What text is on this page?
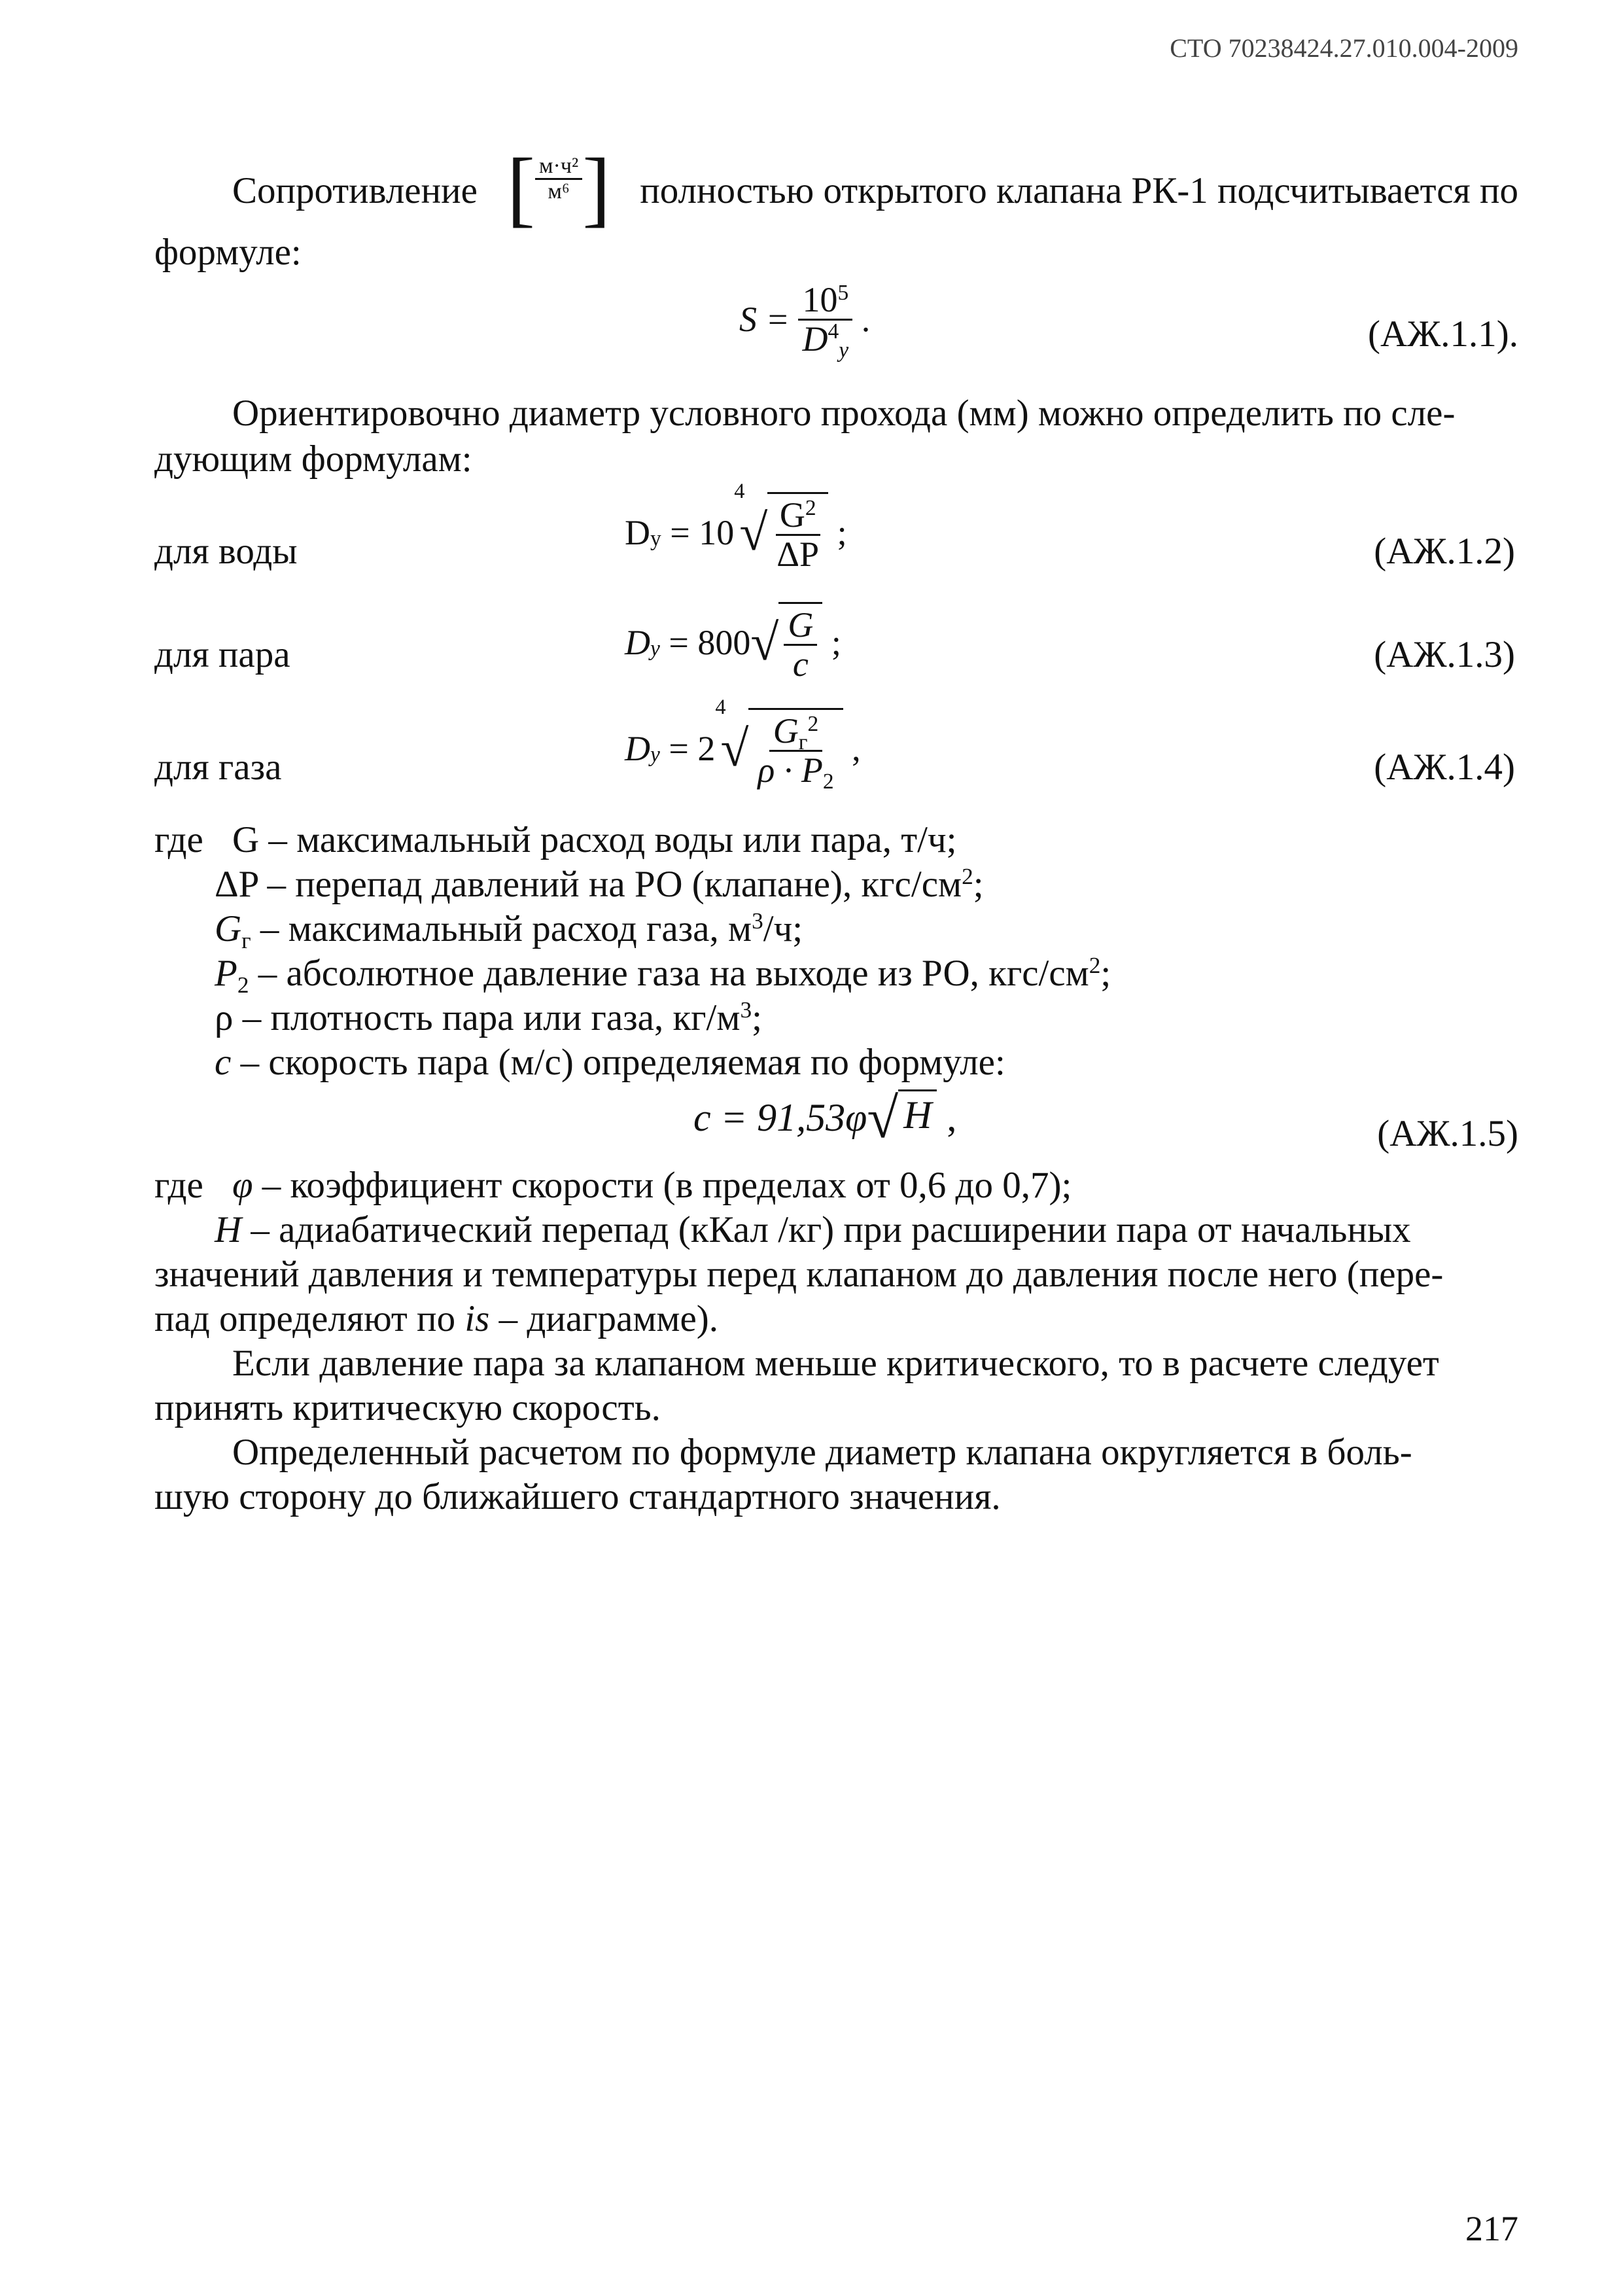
СТО 70238424.27.010.004-2009
Сопротивление [ $\frac{\text{м·ч²}}{\text{м⁶}}$ ] полностью открытого клапана РК-1 подсчитывается по
формуле:
S =
$\frac{10^5}{D^4_y}$
.	(АЖ.1.1).
Ориентировочно диаметр условного прохода (мм) можно определить по сле-
дующим формулам:
для воды	$D_y$
= 10
4
√ $\frac{G^2}{\Delta P}$
;	(АЖ.1.2)
для пара	D $_y$
= 800 √ $\frac{G}{c}$
;	(АЖ.1.3)
для газа	D $_y$
= 2
4
√ $\frac{G_г^2}{\rho \cdot P_2}$
,	(АЖ.1.4)
где G – максимальный расход воды или пара, т/ч;
ΔP – перепад давлений на РО (клапане), кгс/$см^2$;
$G_г$ – максимальный расход газа, $м^3/ч$;
$P_2$ – абсолютное давление газа на выходе из РО, кгс/$см^2$;
ρ – плотность пара или газа, $кг/м^3$;
c – скорость пара (м/с) определяемая по формуле:
c = 91,53φ √ H
,	(АЖ.1.5)
где φ – коэффициент скорости (в пределах от 0,6 до 0,7);
H – адиабатический перепад (кКал /кг) при расширении пара от начальных
значений давления и температуры перед клапаном до давления после него (пере-
пад определяют по is – диаграмме).
Если давление пара за клапаном меньше критического, то в расчете следует
принять критическую скорость.
Определенный расчетом по формуле диаметр клапана округляется в боль-
шую сторону до ближайшего стандартного значения.
217
